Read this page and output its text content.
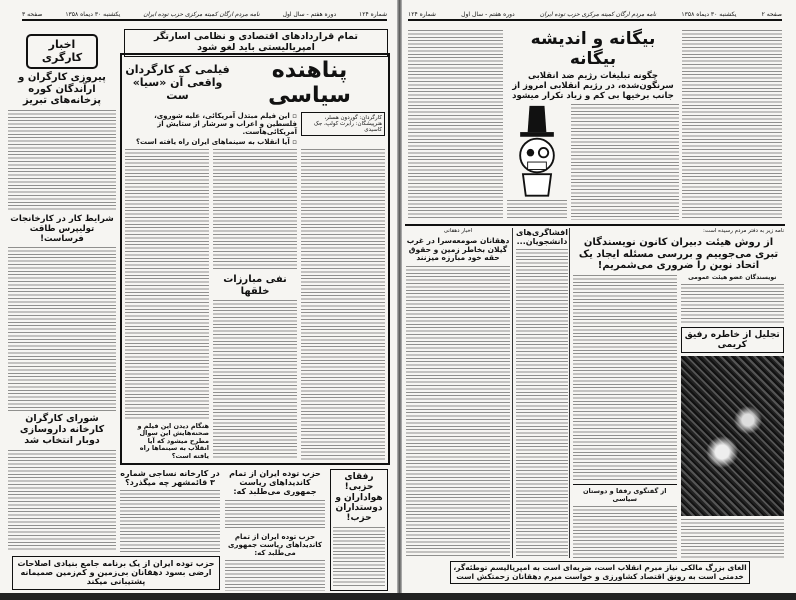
شماره ۱۲۴
دوره هفتم - سال اول
نامه مردم ارگان کمیته مرکزی حزب توده ایران
یکشنبه ۳۰ دیماه ۱۳۵۸
صفحه ۳
تمام قراردادهای اقتصادی و نظامی اسارتگر امپریالیستی باید لغو شود
اخبار کارگری
پیروزی کارگران و ارآندگان کوره پزخانه‌های تبریز
شرایط کار در کارخانجات تولیپرس طاقت فرساست!
شورای کارگران کارخانه داروسازی دوبار انتخاب شد
پناهنده سیاسی
فیلمی که کارگردان واقعی آن «سیا» ست
کارگردان: گوردون هسلر، هنرپیشگان: رابرت کولپ، جک کاسیدی
▫ این فیلم مبتذل آمریکائی، علیه شوروی، فلسطین و اعراب و سرشار از ستایش از آمریکائی‌هاست.
▫ آیا انقلاب به سینماهای ایران راه یافته است؟
نفی مبارزات خلقها
هنگام دیدن این فیلم و صحنه‌هایش این سوال مطرح میشود که آیا انقلاب به سینماها راه یافته است؟
در کارخانه نساجی شماره ۳ قائمشهر چه میگذرد؟
حزب توده ایران از تمام کاندیداهای ریاست جمهوری می‌طلبد که:
حزب توده ایران از تمام کاندیداهای ریاست جمهوری می‌طلبد که:
رفقای حزبی! هواداران و دوستداران حزب!
حزب توده ایران از یک برنامه جامع بنیادی اصلاحات ارضی بسود دهقانان بی‌زمین و کم‌زمین صمیمانه پشتیبانی میکند
صفحه ۲
یکشنبه ۳۰ دیماه ۱۳۵۸
نامه مردم ارگان کمیته مرکزی حزب توده ایران
دوره هفتم - سال اول
شماره ۱۲۴
بیگانه و اندیشه بیگانه
چگونه تبلیغات رژیم ضد انقلابی سرنگون‌شده، در رژیم انقلابی امروز از جانب برخیها بی کم و زیاد تکرار میشود
اخبار دهقانی
دهقانان صومعه‌سرا در غرب گیلان بخاطر زمین و حقوق حقه خود مبارزه میزنند
افشاگری‌های دانشجویان...
نامه زیر به دفتر مردم رسیده است:
از روش هیئت دبیران کانون نویسندگان تبری می‌جوییم و بررسی مسئله ایجاد یک اتحاد نوین را ضروری می‌شمریم!
از گفتگوی رفقا و دوستان سیاسی
نویسندگان عضو هیئت عمومی
تجلیل از خاطره رفیق کریمی
الغای بزرگ مالکی نیاز مبرم انقلاب است، ضربه‌ای است به امپریالیسم توطئه‌گر، خدمتی است به رونق اقتصاد کشاورزی و خواست مبرم دهقانان زحمتکش است
